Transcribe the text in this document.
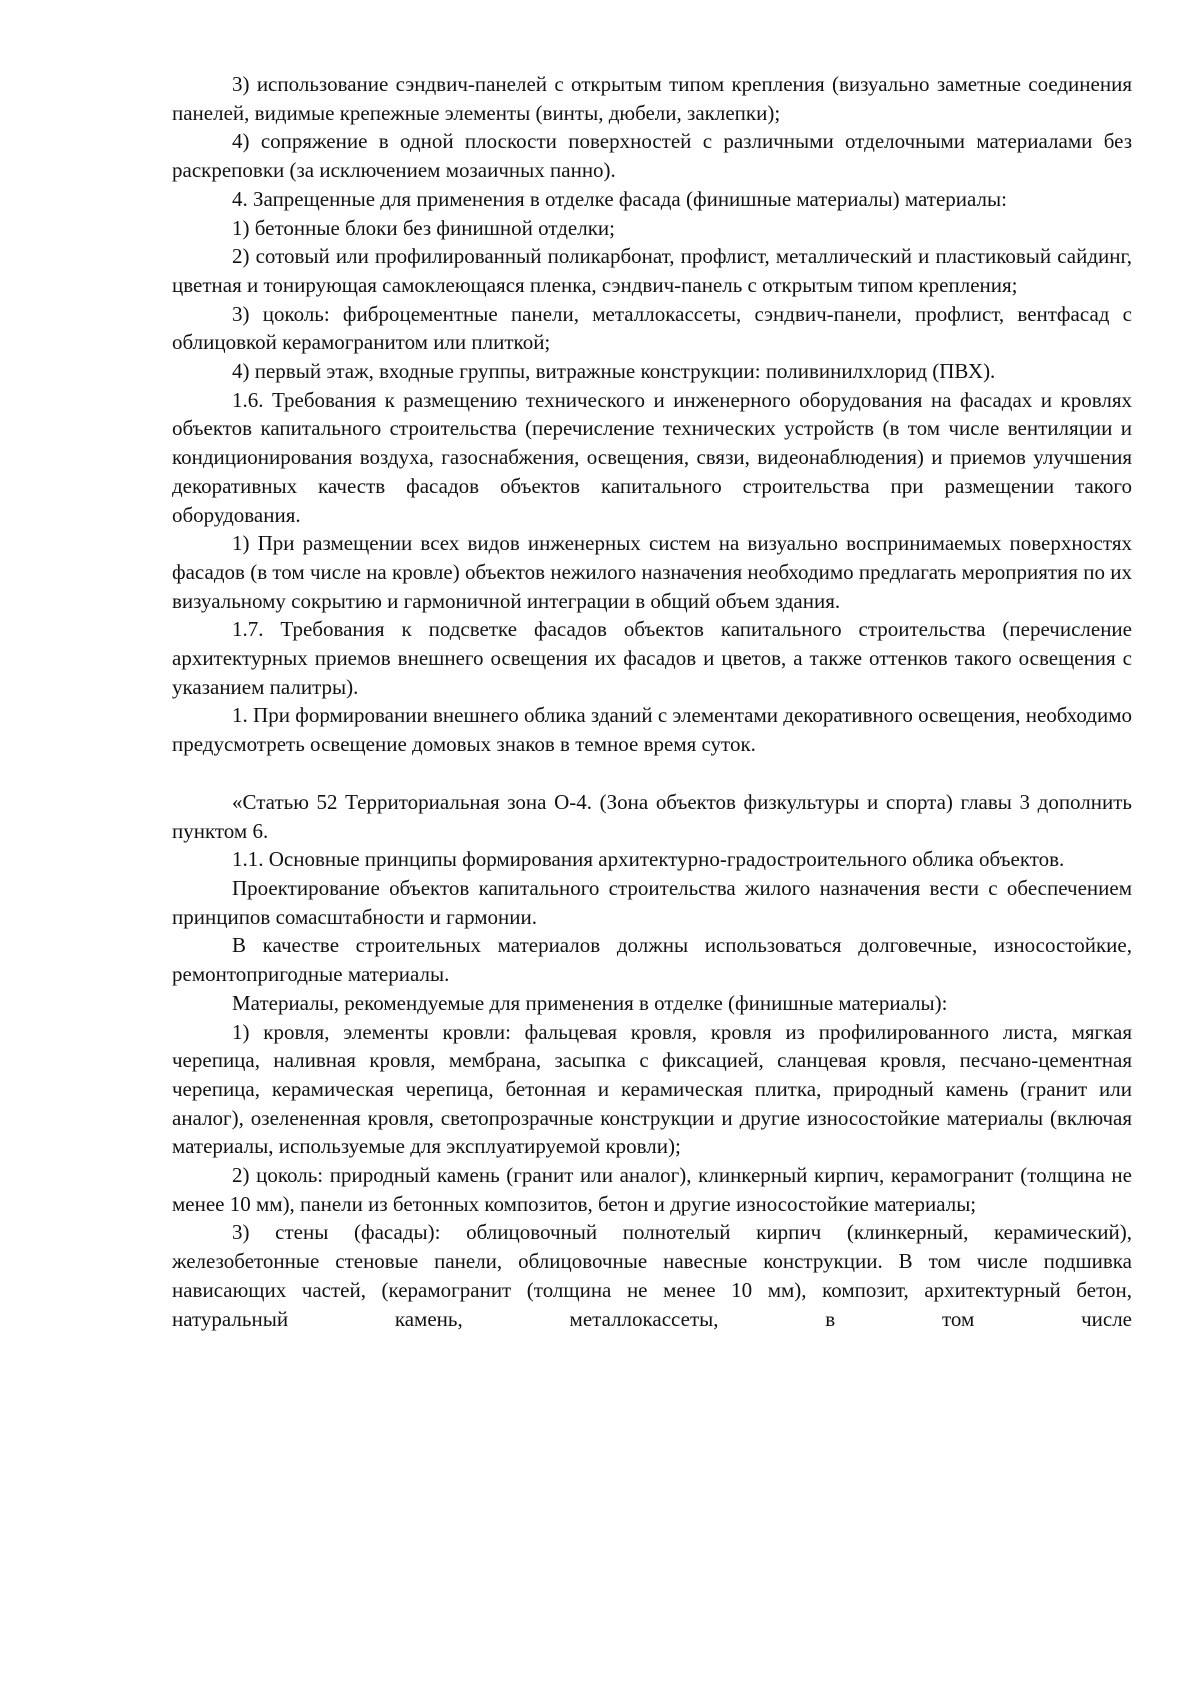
3) использование сэндвич-панелей с открытым типом крепления (визуально заметные соединения панелей, видимые крепежные элементы (винты, дюбели, заклепки);

4) сопряжение в одной плоскости поверхностей с различными отделочными материалами без раскреповки (за исключением мозаичных панно).

4. Запрещенные для применения в отделке фасада (финишные материалы) материалы:

1) бетонные блоки без финишной отделки;

2) сотовый или профилированный поликарбонат, профлист, металлический и пластиковый сайдинг, цветная и тонирующая самоклеющаяся пленка, сэндвич-панель с открытым типом крепления;

3) цоколь: фиброцементные панели, металлокассеты, сэндвич-панели, профлист, вентфасад с облицовкой керамогранитом или плиткой;

4) первый этаж, входные группы, витражные конструкции: поливинилхлорид (ПВХ).

1.6. Требования к размещению технического и инженерного оборудования на фасадах и кровлях объектов капитального строительства (перечисление технических устройств (в том числе вентиляции и кондиционирования воздуха, газоснабжения, освещения, связи, видеонаблюдения) и приемов улучшения декоративных качеств фасадов объектов капитального строительства при размещении такого оборудования.

1) При размещении всех видов инженерных систем на визуально воспринимаемых поверхностях фасадов (в том числе на кровле) объектов нежилого назначения необходимо предлагать мероприятия по их визуальному сокрытию и гармоничной интеграции в общий объем здания.

1.7. Требования к подсветке фасадов объектов капитального строительства (перечисление архитектурных приемов внешнего освещения их фасадов и цветов, а также оттенков такого освещения с указанием палитры).

1. При формировании внешнего облика зданий с элементами декоративного освещения, необходимо предусмотреть освещение домовых знаков в темное время суток.

«Статью 52 Территориальная зона О-4. (Зона объектов физкультуры и спорта) главы 3 дополнить пунктом 6.

1.1. Основные принципы формирования архитектурно-градостроительного облика объектов.

Проектирование объектов капитального строительства жилого назначения вести с обеспечением принципов сомасштабности и гармонии.

В качестве строительных материалов должны использоваться долговечные, износостойкие, ремонтопригодные материалы.

Материалы, рекомендуемые для применения в отделке (финишные материалы):

1) кровля, элементы кровли: фальцевая кровля, кровля из профилированного листа, мягкая черепица, наливная кровля, мембрана, засыпка с фиксацией, сланцевая кровля, песчано-цементная черепица, керамическая черепица, бетонная и керамическая плитка, природный камень (гранит или аналог), озелененная кровля, светопрозрачные конструкции и другие износостойкие материалы (включая материалы, используемые для эксплуатируемой кровли);

2) цоколь: природный камень (гранит или аналог), клинкерный кирпич, керамогранит (толщина не менее 10 мм), панели из бетонных композитов, бетон и другие износостойкие материалы;

3) стены (фасады): облицовочный полнотелый кирпич (клинкерный, керамический), железобетонные стеновые панели, облицовочные навесные конструкции. В том числе подшивка нависающих частей, (керамогранит (толщина не менее 10 мм), композит, архитектурный бетон, натуральный камень, металлокассеты, в том числе
